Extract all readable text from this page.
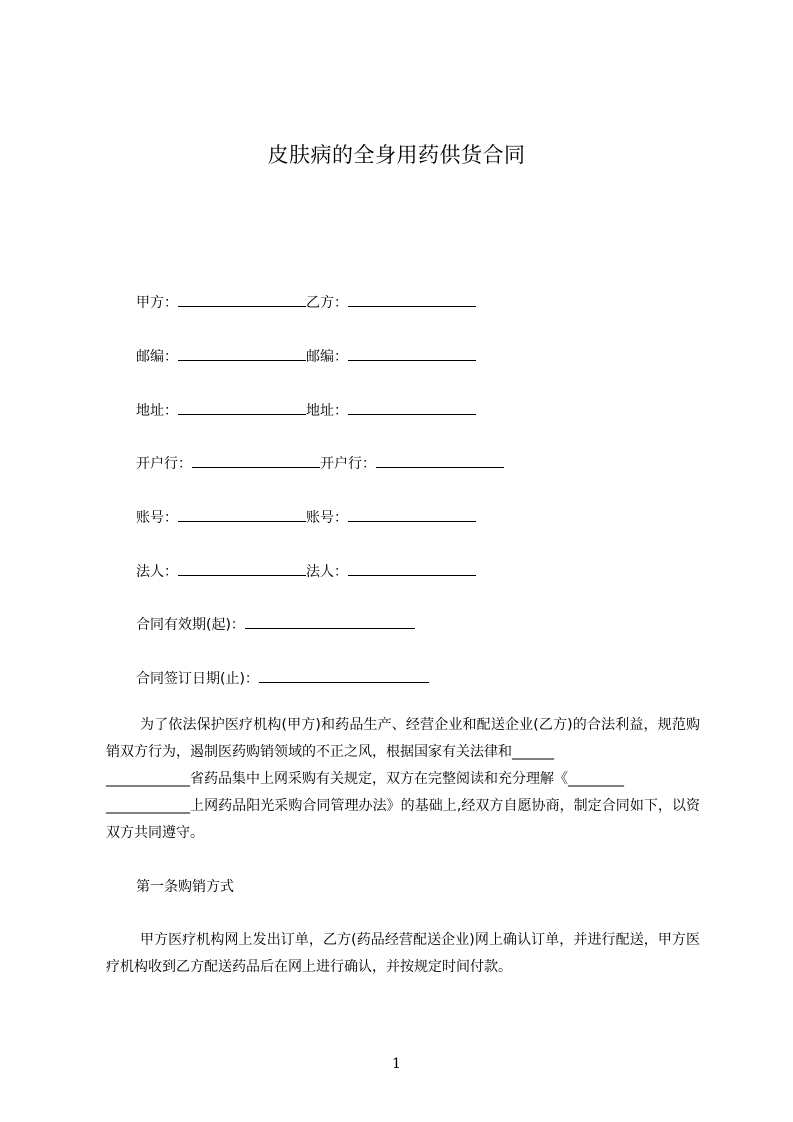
皮肤病的全身用药供货合同
甲方：	乙方：
邮编：	邮编：
地址：	地址：
开户行：	开户行：
账号：	账号：
法人：	法人：
合同有效期(起)：
合同签订日期(止)：
为了依法保护医疗机构(甲方)和药品生产、经营企业和配送企业(乙方)的合法利益，规范购销双方行为，遏制医药购销领域的不正之风，根据国家有关法律和______
____________省药品集中上网采购有关规定，双方在完整阅读和充分理解《________
____________上网药品阳光采购合同管理办法》的基础上,经双方自愿协商，制定合同如下，以资双方共同遵守。
第一条购销方式
甲方医疗机构网上发出订单，乙方(药品经营配送企业)网上确认订单，并进行配送，甲方医疗机构收到乙方配送药品后在网上进行确认，并按规定时间付款。
1
